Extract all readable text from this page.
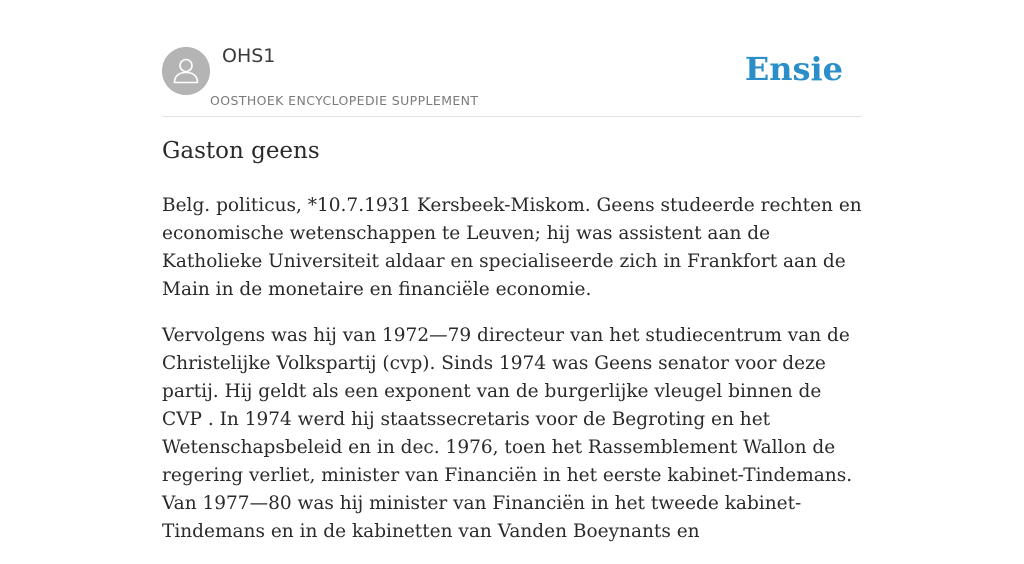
OHS1
OOSTHOEK ENCYCLOPEDIE SUPPLEMENT
Ensie
Gaston geens

Belg. politicus, *10.7.1931 Kersbeek-Miskom. Geens studeerde rechten en economische wetenschappen te Leuven; hij was assistent aan de Katholieke Universiteit aldaar en specialiseerde zich in Frankfort aan de Main in de monetaire en financiële economie.

Vervolgens was hij van 1972—79 directeur van het studiecentrum van de Christelijke Volkspartij (cvp). Sinds 1974 was Geens senator voor deze partij. Hij geldt als een exponent van de burgerlijke vleugel binnen de CVP . In 1974 werd hij staatssecretaris voor de Begroting en het Wetenschapsbeleid en in dec. 1976, toen het Rassemblement Wallon de regering verliet, minister van Financiën in het eerste kabinet-Tindemans. Van 1977—80 was hij minister van Financiën in het tweede kabinet-Tindemans en in de kabinetten van Vanden Boeynants en
